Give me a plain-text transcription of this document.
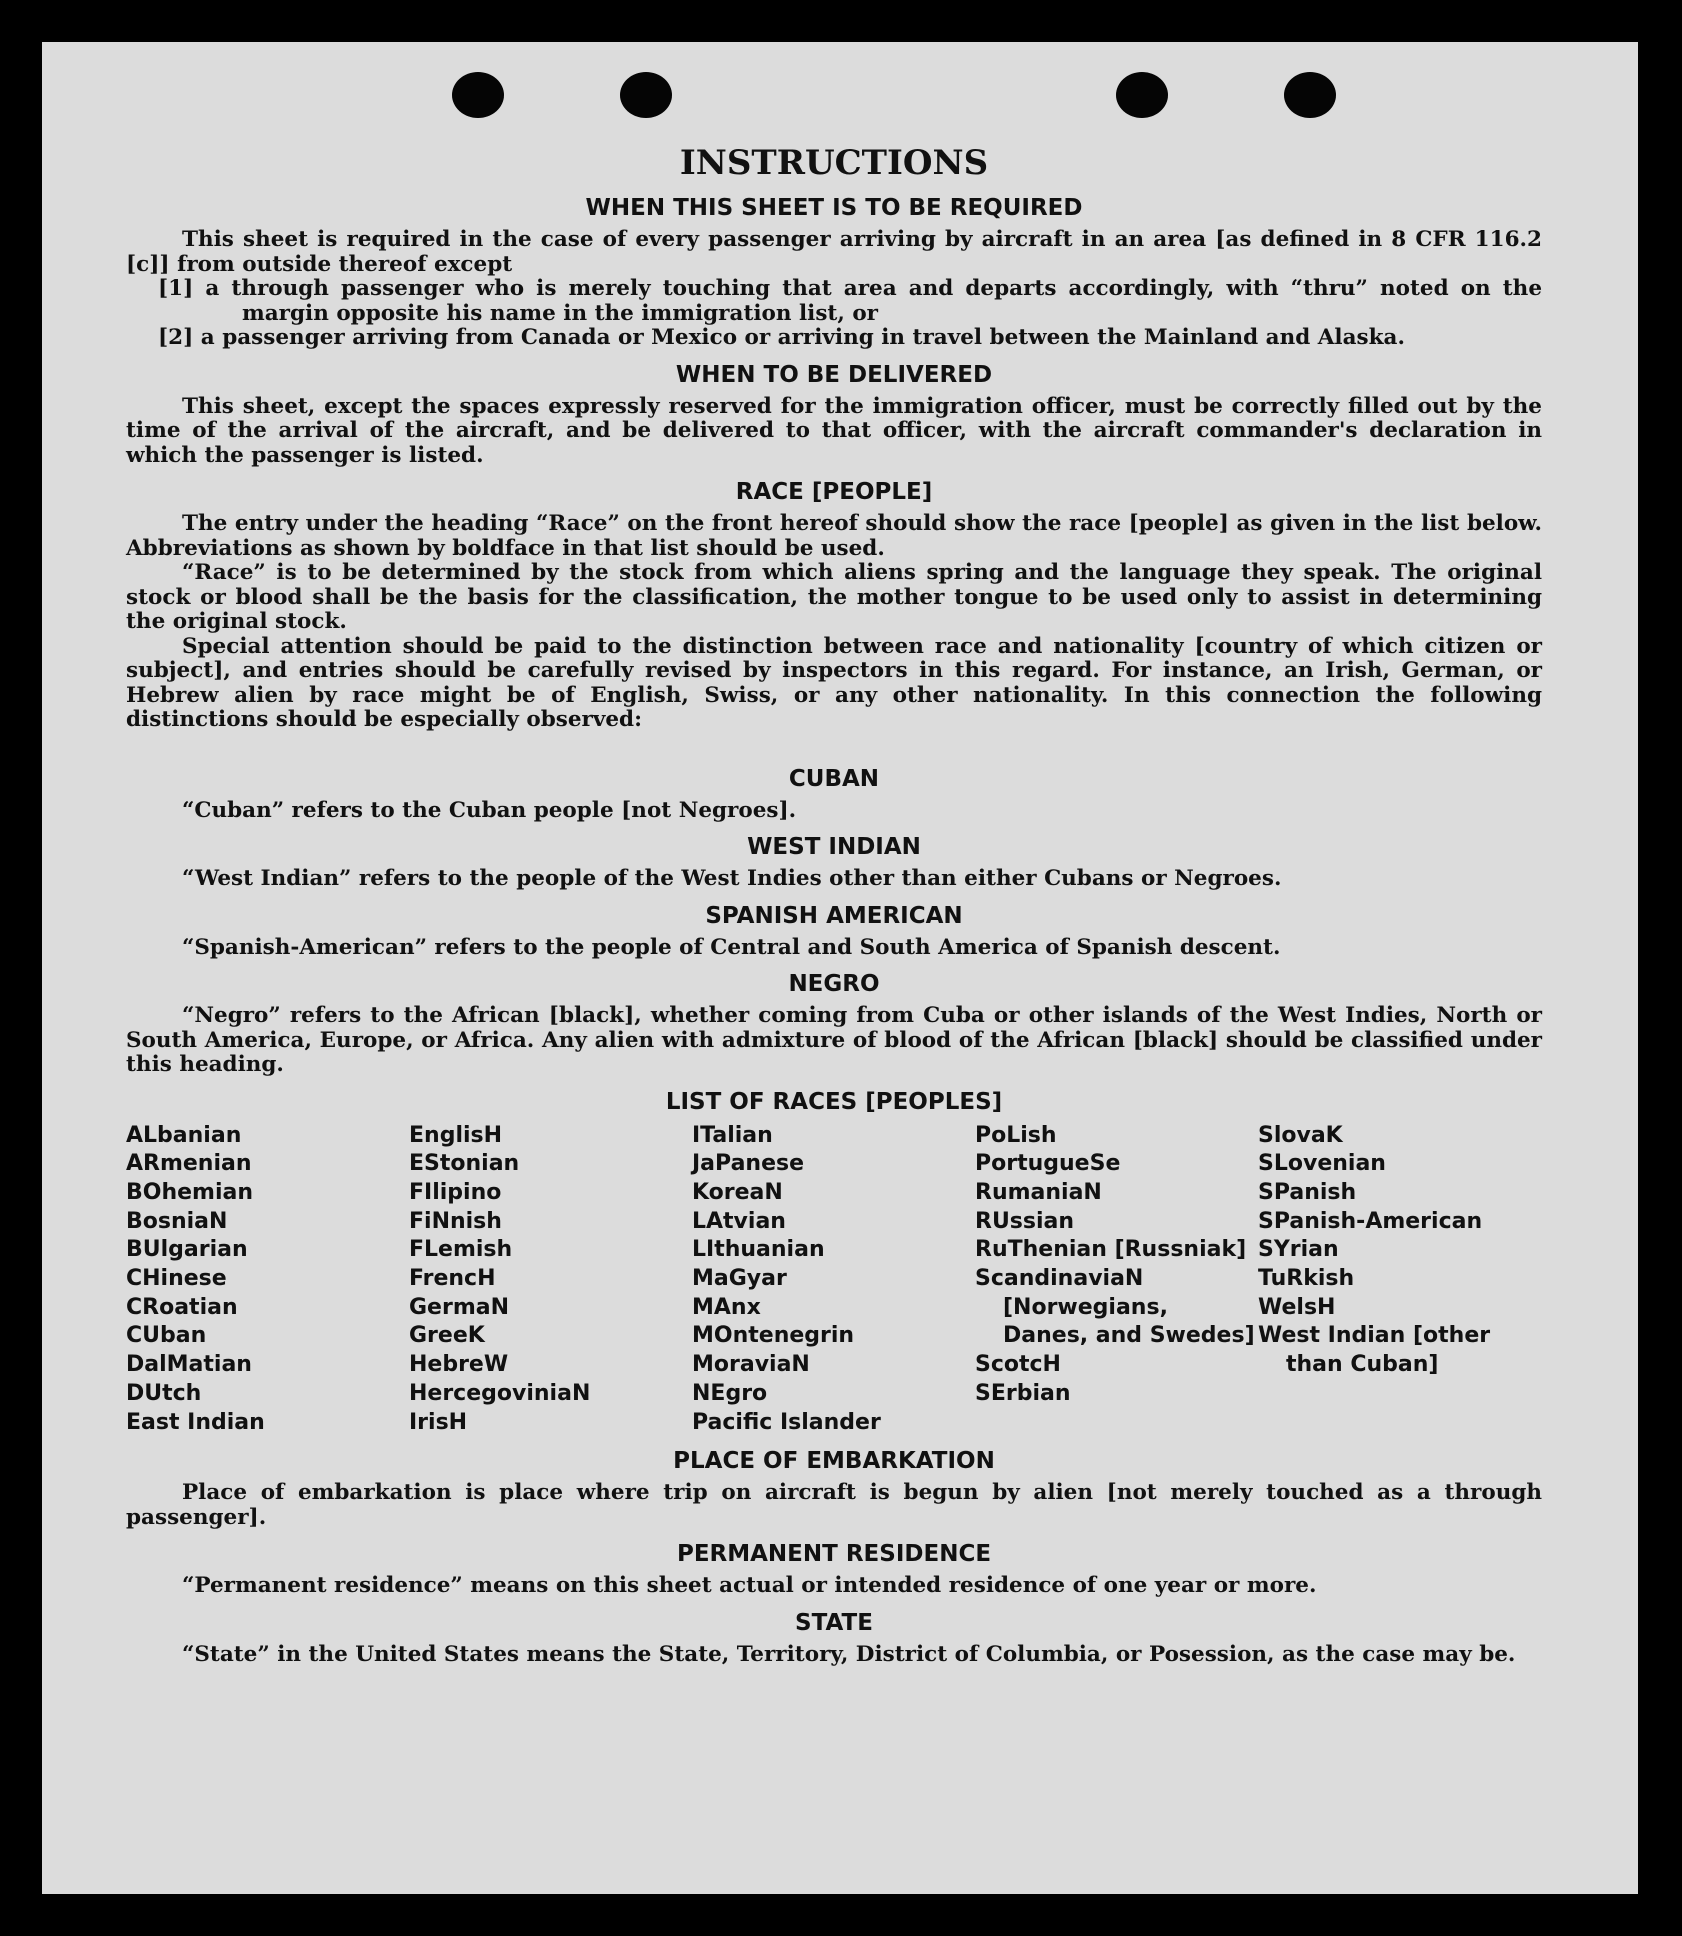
INSTRUCTIONS
WHEN THIS SHEET IS TO BE REQUIRED

This sheet is required in the case of every passenger arriving by aircraft in an area [as defined in 8 CFR 116.2 [c]] from outside thereof except

[1] a through passenger who is merely touching that area and departs accordingly, with “thru” noted on the margin opposite his name in the immigration list, or

[2] a passenger arriving from Canada or Mexico or arriving in travel between the Mainland and Alaska.

WHEN TO BE DELIVERED

This sheet, except the spaces expressly reserved for the immigration officer, must be correctly filled out by the time of the arrival of the aircraft, and be delivered to that officer, with the aircraft commander's declaration in which the passenger is listed.

RACE [PEOPLE]

The entry under the heading “Race” on the front hereof should show the race [people] as given in the list below. Abbreviations as shown by boldface in that list should be used.

“Race” is to be determined by the stock from which aliens spring and the language they speak. The original stock or blood shall be the basis for the classification, the mother tongue to be used only to assist in determining the original stock.

Special attention should be paid to the distinction between race and nationality [country of which citizen or subject], and entries should be carefully revised by inspectors in this regard. For instance, an Irish, German, or Hebrew alien by race might be of English, Swiss, or any other nationality. In this connection the following distinctions should be especially observed:

CUBAN

“Cuban” refers to the Cuban people [not Negroes].

WEST INDIAN

“West Indian” refers to the people of the West Indies other than either Cubans or Negroes.

SPANISH AMERICAN

“Spanish-American” refers to the people of Central and South America of Spanish descent.

NEGRO

“Negro” refers to the African [black], whether coming from Cuba or other islands of the West Indies, North or South America, Europe, or Africa. Any alien with admixture of blood of the African [black] should be classified under this heading.

LIST OF RACES [PEOPLES]
ALbanian
ARmenian
BOhemian
BosniaN
BUlgarian
CHinese
CRoatian
CUban
DalMatian
DUtch
East Indian
EnglisH
EStonian
FIlipino
FiNnish
FLemish
FrencH
GermaN
GreeK
HebreW
HercegoviniaN
IrisH
ITalian
JaPanese
KoreaN
LAtvian
LIthuanian
MaGyar
MAnx
MOntenegrin
MoraviaN
NEgro
Pacific Islander
PoLish
PortugueSe
RumaniaN
RUssian
RuThenian [Russniak]
ScandinaviaN [Norwegians, Danes, and Swedes]
ScotcH
SErbian
SlovaK
SLovenian
SPanish
SPanish-American
SYrian
TuRkish
WelsH
West Indian [other than Cuban]
PLACE OF EMBARKATION

Place of embarkation is place where trip on aircraft is begun by alien [not merely touched as a through passenger].

PERMANENT RESIDENCE

“Permanent residence” means on this sheet actual or intended residence of one year or more.

STATE

“State” in the United States means the State, Territory, District of Columbia, or Posession, as the case may be.
